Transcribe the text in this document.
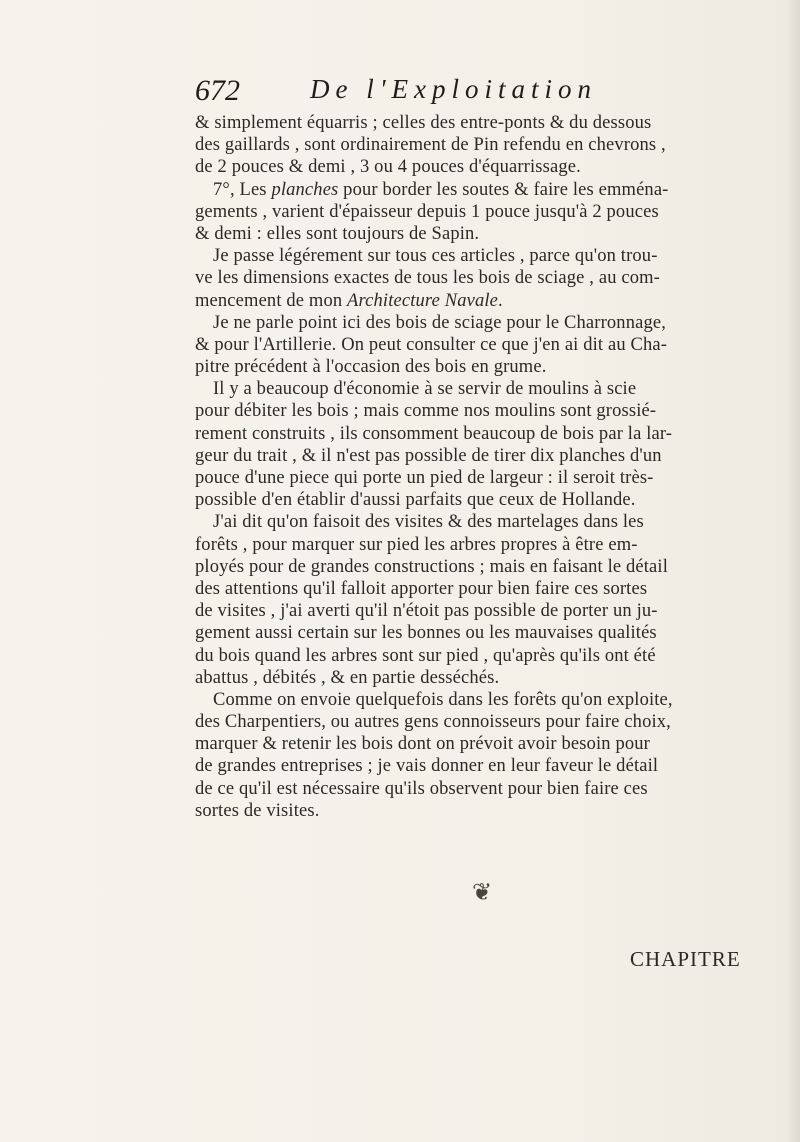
672	De l'Exploitation
& simplement équarris ; celles des entre-ponts & du dessous
des gaillards , sont ordinairement de Pin refendu en chevrons ,
de 2 pouces & demi , 3 ou 4 pouces d'équarrissage.
7°, Les planches pour border les soutes & faire les emména-
gements , varient d'épaisseur depuis 1 pouce jusqu'à 2 pouces
& demi : elles sont toujours de Sapin.
Je passe légérement sur tous ces articles , parce qu'on trou-
ve les dimensions exactes de tous les bois de sciage , au com-
mencement de mon Architecture Navale.
Je ne parle point ici des bois de sciage pour le Charronnage,
& pour l'Artillerie. On peut consulter ce que j'en ai dit au Cha-
pitre précédent à l'occasion des bois en grume.
Il y a beaucoup d'économie à se servir de moulins à scie
pour débiter les bois ; mais comme nos moulins sont grossié-
rement construits , ils consomment beaucoup de bois par la lar-
geur du trait , & il n'est pas possible de tirer dix planches d'un
pouce d'une piece qui porte un pied de largeur : il seroit très-
possible d'en établir d'aussi parfaits que ceux de Hollande.
J'ai dit qu'on faisoit des visites & des martelages dans les
forêts , pour marquer sur pied les arbres propres à être em-
ployés pour de grandes constructions ; mais en faisant le détail
des attentions qu'il falloit apporter pour bien faire ces sortes
de visites , j'ai averti qu'il n'étoit pas possible de porter un ju-
gement aussi certain sur les bonnes ou les mauvaises qualités
du bois quand les arbres sont sur pied , qu'après qu'ils ont été
abattus , débités , & en partie desséchés.
Comme on envoie quelquefois dans les forêts qu'on exploite,
des Charpentiers, ou autres gens connoisseurs pour faire choix,
marquer & retenir les bois dont on prévoit avoir besoin pour
de grandes entreprises ; je vais donner en leur faveur le détail
de ce qu'il est nécessaire qu'ils observent pour bien faire ces
sortes de visites.
❦
CHAPITRE
